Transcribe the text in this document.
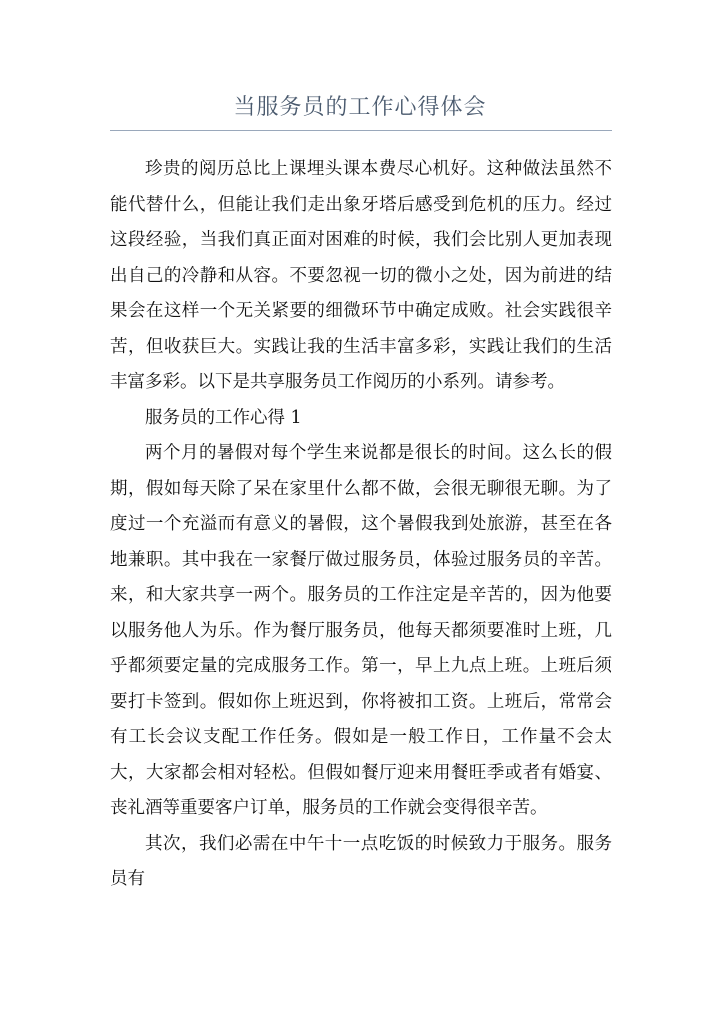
当服务员的工作心得体会

珍贵的阅历总比上课埋头课本费尽心机好。这种做法虽然不能代替什么，但能让我们走出象牙塔后感受到危机的压力。经过这段经验，当我们真正面对困难的时候，我们会比别人更加表现出自己的冷静和从容。不要忽视一切的微小之处，因为前进的结果会在这样一个无关紧要的细微环节中确定成败。社会实践很辛苦，但收获巨大。实践让我的生活丰富多彩，实践让我们的生活丰富多彩。以下是共享服务员工作阅历的小系列。请参考。

服务员的工作心得 1

两个月的暑假对每个学生来说都是很长的时间。这么长的假期，假如每天除了呆在家里什么都不做，会很无聊很无聊。为了度过一个充溢而有意义的暑假，这个暑假我到处旅游，甚至在各地兼职。其中我在一家餐厅做过服务员，体验过服务员的辛苦。来，和大家共享一两个。服务员的工作注定是辛苦的，因为他要以服务他人为乐。作为餐厅服务员，他每天都须要准时上班，几乎都须要定量的完成服务工作。第一，早上九点上班。上班后须要打卡签到。假如你上班迟到，你将被扣工资。上班后，常常会有工长会议支配工作任务。假如是一般工作日，工作量不会太大，大家都会相对轻松。但假如餐厅迎来用餐旺季或者有婚宴、丧礼酒等重要客户订单，服务员的工作就会变得很辛苦。

其次，我们必需在中午十一点吃饭的时候致力于服务。服务员有
